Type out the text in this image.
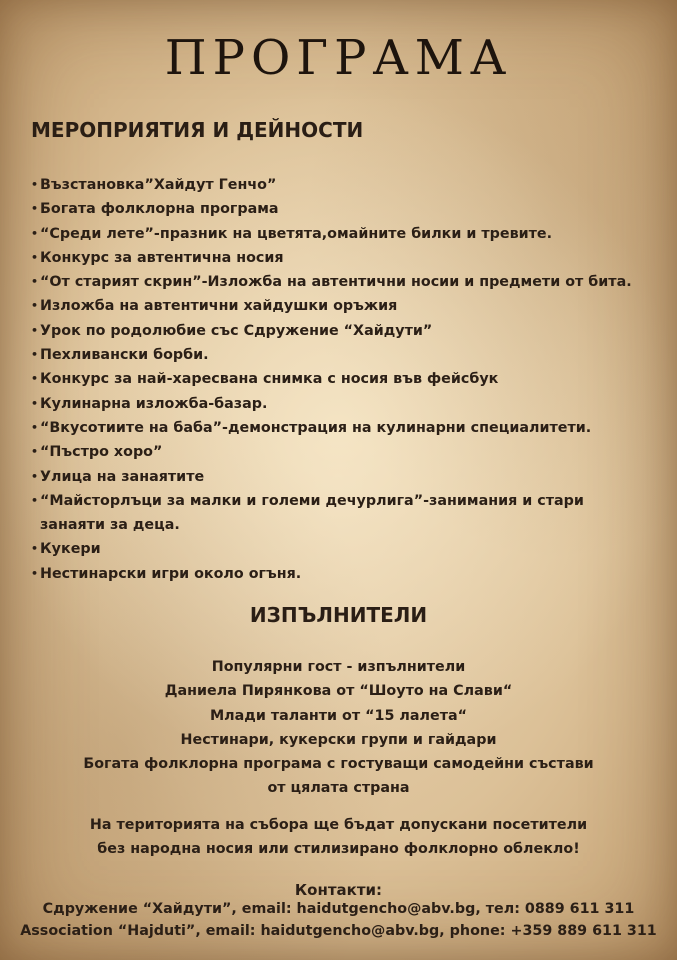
ПРОГРАМА
МЕРОПРИЯТИЯ И ДЕЙНОСТИ
• Възстановка”Хайдут Генчо”
• Богата фолклорна програма
• “Среди лете”-празник на цветята,омайните билки и тревите.
• Конкурс за автентична носия
• “От старият скрин”-Изложба на автентични носии и предмети от бита.
• Изложба на автентични хайдушки оръжия
• Урок по родолюбие със Сдружение “Хайдути”
• Пехливански борби.
• Конкурс за най-харесвана снимка с носия във фейсбук
• Кулинарна изложба-базар.
• “Вкусотиите на баба”-демонстрация на кулинарни специалитети.
• “Пъстро хоро”
• Улица на занаятите
• “Майсторлъци за малки и големи дечурлига”-занимания и стари занаяти за деца.
• Кукери
• Нестинарски игри около огъня.
ИЗПЪЛНИТЕЛИ
Популярни гост - изпълнители
Даниела Пирянкова от “Шоуто на Слави“
Млади таланти от “15 лалета“
Нестинари, кукерски групи и гайдари
Богата фолклорна програма с гостуващи самодейни състави
от цялата страна
На територията на събора ще бъдат допускани посетители
без народна носия или стилизирано фолклорно облекло!
Контакти:
Сдружение “Хайдути”, email: haidutgencho@abv.bg, тел: 0889 611 311
Association “Hajduti”, email: haidutgencho@abv.bg, phone: +359 889 611 311
